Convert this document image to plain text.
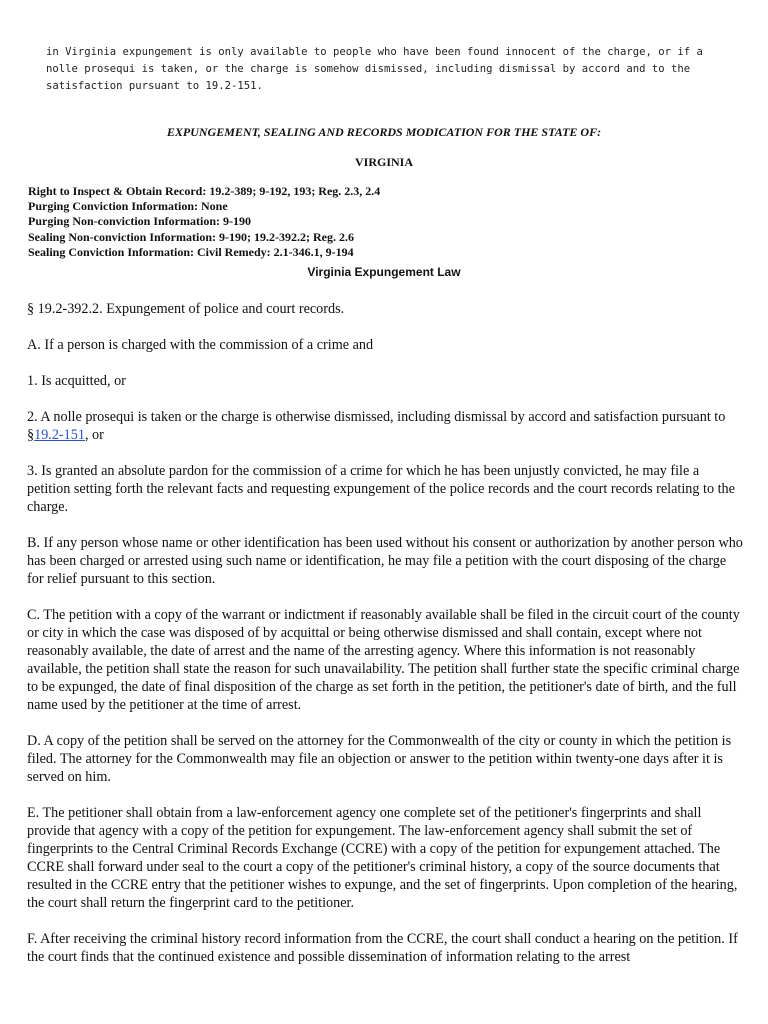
in Virginia expungement is only available to people who have been found innocent of the charge, or if a nolle prosequi is taken, or the charge is somehow dismissed, including dismissal by accord and to the satisfaction pursuant to 19.2-151.

EXPUNGEMENT, SEALING AND RECORDS MODICATION FOR THE STATE OF:

VIRGINIA

Right to Inspect & Obtain Record: 19.2-389; 9-192, 193; Reg. 2.3, 2.4
Purging Conviction Information: None
Purging Non-conviction Information: 9-190
Sealing Non-conviction Information: 9-190; 19.2-392.2; Reg. 2.6
Sealing Conviction Information: Civil Remedy: 2.1-346.1, 9-194

Virginia Expungement Law

§ 19.2-392.2. Expungement of police and court records.

A. If a person is charged with the commission of a crime and

1. Is acquitted, or

2. A nolle prosequi is taken or the charge is otherwise dismissed, including dismissal by accord and satisfaction pursuant to §19.2-151, or

3. Is granted an absolute pardon for the commission of a crime for which he has been unjustly convicted, he may file a petition setting forth the relevant facts and requesting expungement of the police records and the court records relating to the charge.

B. If any person whose name or other identification has been used without his consent or authorization by another person who has been charged or arrested using such name or identification, he may file a petition with the court disposing of the charge for relief pursuant to this section.

C. The petition with a copy of the warrant or indictment if reasonably available shall be filed in the circuit court of the county or city in which the case was disposed of by acquittal or being otherwise dismissed and shall contain, except where not reasonably available, the date of arrest and the name of the arresting agency. Where this information is not reasonably available, the petition shall state the reason for such unavailability. The petition shall further state the specific criminal charge to be expunged, the date of final disposition of the charge as set forth in the petition, the petitioner's date of birth, and the full name used by the petitioner at the time of arrest.

D. A copy of the petition shall be served on the attorney for the Commonwealth of the city or county in which the petition is filed. The attorney for the Commonwealth may file an objection or answer to the petition within twenty-one days after it is served on him.

E. The petitioner shall obtain from a law-enforcement agency one complete set of the petitioner's fingerprints and shall provide that agency with a copy of the petition for expungement. The law-enforcement agency shall submit the set of fingerprints to the Central Criminal Records Exchange (CCRE) with a copy of the petition for expungement attached. The CCRE shall forward under seal to the court a copy of the petitioner's criminal history, a copy of the source documents that resulted in the CCRE entry that the petitioner wishes to expunge, and the set of fingerprints. Upon completion of the hearing, the court shall return the fingerprint card to the petitioner.

F. After receiving the criminal history record information from the CCRE, the court shall conduct a hearing on the petition. If the court finds that the continued existence and possible dissemination of information relating to the arrest
